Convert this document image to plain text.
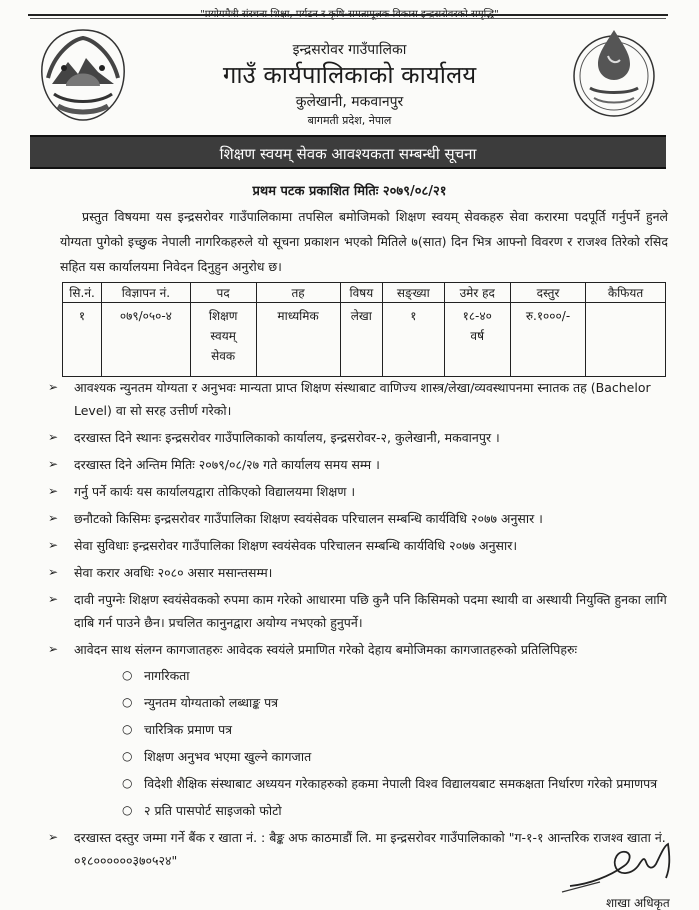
"प्रयोगमैत्री संरचना शिक्षा, पर्यटन र कृषि-समतामूलक विकास इन्द्रसरोवरको समृद्धि"
इन्द्रसरोवर गाउँपालिका
गाउँ कार्यपालिकाको कार्यालय
कुलेखानी, मकवानपुर
बागमती प्रदेश, नेपाल
शिक्षण स्वयम् सेवक आवश्यकता सम्बन्धी सूचना
प्रथम पटक प्रकाशित मितिः २०७९/०८/२१
प्रस्तुत विषयमा यस इन्द्रसरोवर गाउँपालिकामा तपसिल बमोजिमको शिक्षण स्वयम् सेवकहरु सेवा करारमा पदपूर्ति गर्नुपर्ने हुनले योग्यता पुगेको इच्छुक नेपाली नागरिकहरुले यो सूचना प्रकाशन भएको मितिले ७(सात) दिन भित्र आफ्नो विवरण र राजश्व तिरेको रसिद सहित यस कार्यालयमा निवेदन दिनुहुन अनुरोध छ।
सि.नं.	विज्ञापन नं.	पद	तह	विषय	सङ्ख्या	उमेर हद	दस्तुर	कैफियत
१	०७९/०५०-४	शिक्षण स्वयम् सेवक	माध्यमिक	लेखा	१	१८-४० वर्ष	रु.१०००/-	
➢ आवश्यक न्युनतम योग्यता र अनुभवः मान्यता प्राप्त शिक्षण संस्थाबाट वाणिज्य शास्त्र/लेखा/व्यवस्थापनमा स्नातक तह (Bachelor Level) वा सो सरह उत्तीर्ण गरेको।
➢ दरखास्त दिने स्थानः इन्द्रसरोवर गाउँपालिकाको कार्यालय, इन्द्रसरोवर-२, कुलेखानी, मकवानपुर ।
➢ दरखास्त दिने अन्तिम मितिः २०७९/०८/२७ गते कार्यालय समय सम्म ।
➢ गर्नु पर्ने कार्यः यस कार्यालयद्वारा तोकिएको विद्यालयमा शिक्षण ।
➢ छनौटको किसिमः इन्द्रसरोवर गाउँपालिका शिक्षण स्वयंसेवक परिचालन सम्बन्धि कार्यविधि २०७७ अनुसार ।
➢ सेवा सुविधाः इन्द्रसरोवर गाउँपालिका शिक्षण स्वयंसेवक परिचालन सम्बन्धि कार्यविधि २०७७ अनुसार।
➢ सेवा करार अवधिः २०८० असार मसान्तसम्म।
➢ दावी नपुग्नेः शिक्षण स्वयंसेवकको रुपमा काम गरेको आधारमा पछि कुनै पनि किसिमको पदमा स्थायी वा अस्थायी नियुक्ति हुनका लागि दाबि गर्न पाउने छैन। प्रचलित कानुनद्वारा अयोग्य नभएको हुनुपर्ने।
➢ आवेदन साथ संलग्न कागजातहरुः आवेदक स्वयंले प्रमाणित गरेको देहाय बमोजिमका कागजातहरुको प्रतिलिपिहरुः
○ नागरिकता
○ न्युनतम योग्यताको लब्धाङ्क पत्र
○ चारित्रिक प्रमाण पत्र
○ शिक्षण अनुभव भएमा खुल्ने कागजात
○ विदेशी शैक्षिक संस्थाबाट अध्ययन गरेकाहरुको हकमा नेपाली विश्व विद्यालयबाट समकक्षता निर्धारण गरेको प्रमाणपत्र
○ २ प्रति पासपोर्ट साइजको फोटो
➢ दरखास्त दस्तुर जम्मा गर्ने बैंक र खाता नं. : बैङ्क अफ काठमाडौं लि. मा इन्द्रसरोवर गाउँपालिकाको "ग-१-१ आन्तरिक राजश्व खाता नं. ०१८००००००३७०५२४"
शाखा अधिकृत
